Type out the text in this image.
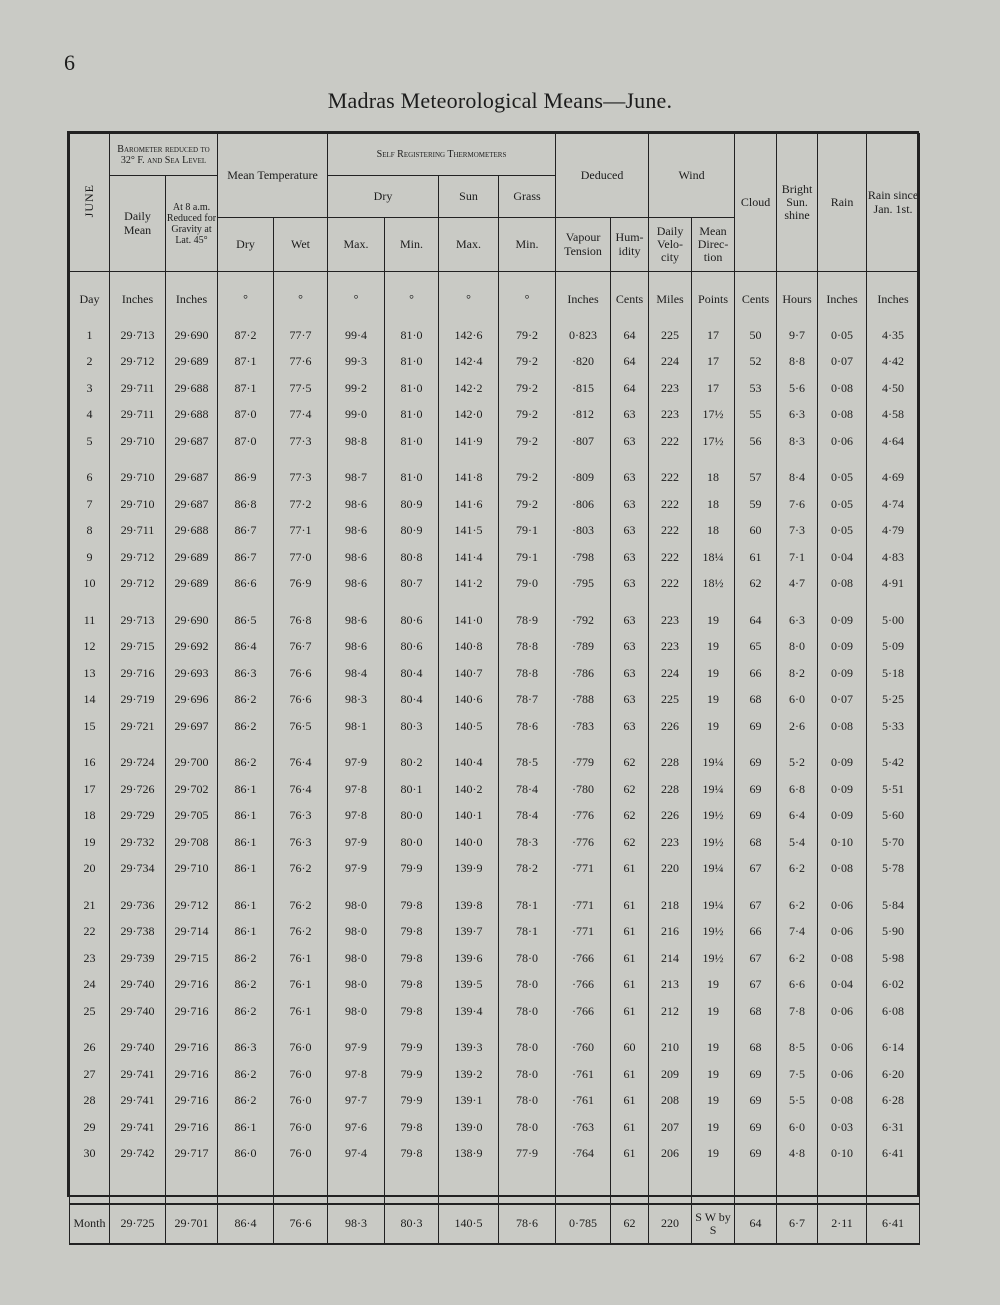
6
Madras Meteorological Means—June.
JUNE	Barometer reduced to 32° F. and Sea Level		Mean Temperature		Self Registering Thermometers				Deduced		Wind		Cloud	Bright Sun. shine	Rain	Rain since Jan. 1st.
	Daily Mean	At 8 a.m. Reduced for Gravity at Lat. 45°			Dry		Sun	Grass								
			Dry	Wet	Max.	Min.	Max.	Min.	Vapour Tension	Hum- idity	Daily Velo- city	Mean Direc- tion				
Day	Inches	Inches	°	°	°	°	°	°	Inches	Cents	Miles	Points	Cents	Hours	Inches	Inches
1	29·713	29·690	87·2	77·7	99·4	81·0	142·6	79·2	0·823	64	225	17	50	9·7	0·05	4·35
2	29·712	29·689	87·1	77·6	99·3	81·0	142·4	79·2	·820	64	224	17	52	8·8	0·07	4·42
3	29·711	29·688	87·1	77·5	99·2	81·0	142·2	79·2	·815	64	223	17	53	5·6	0·08	4·50
4	29·711	29·688	87·0	77·4	99·0	81·0	142·0	79·2	·812	63	223	17½	55	6·3	0·08	4·58
5	29·710	29·687	87·0	77·3	98·8	81·0	141·9	79·2	·807	63	222	17½	56	8·3	0·06	4·64

6	29·710	29·687	86·9	77·3	98·7	81·0	141·8	79·2	·809	63	222	18	57	8·4	0·05	4·69
7	29·710	29·687	86·8	77·2	98·6	80·9	141·6	79·2	·806	63	222	18	59	7·6	0·05	4·74
8	29·711	29·688	86·7	77·1	98·6	80·9	141·5	79·1	·803	63	222	18	60	7·3	0·05	4·79
9	29·712	29·689	86·7	77·0	98·6	80·8	141·4	79·1	·798	63	222	18¼	61	7·1	0·04	4·83
10	29·712	29·689	86·6	76·9	98·6	80·7	141·2	79·0	·795	63	222	18½	62	4·7	0·08	4·91

11	29·713	29·690	86·5	76·8	98·6	80·6	141·0	78·9	·792	63	223	19	64	6·3	0·09	5·00
12	29·715	29·692	86·4	76·7	98·6	80·6	140·8	78·8	·789	63	223	19	65	8·0	0·09	5·09
13	29·716	29·693	86·3	76·6	98·4	80·4	140·7	78·8	·786	63	224	19	66	8·2	0·09	5·18
14	29·719	29·696	86·2	76·6	98·3	80·4	140·6	78·7	·788	63	225	19	68	6·0	0·07	5·25
15	29·721	29·697	86·2	76·5	98·1	80·3	140·5	78·6	·783	63	226	19	69	2·6	0·08	5·33

16	29·724	29·700	86·2	76·4	97·9	80·2	140·4	78·5	·779	62	228	19¼	69	5·2	0·09	5·42
17	29·726	29·702	86·1	76·4	97·8	80·1	140·2	78·4	·780	62	228	19¼	69	6·8	0·09	5·51
18	29·729	29·705	86·1	76·3	97·8	80·0	140·1	78·4	·776	62	226	19½	69	6·4	0·09	5·60
19	29·732	29·708	86·1	76·3	97·9	80·0	140·0	78·3	·776	62	223	19½	68	5·4	0·10	5·70
20	29·734	29·710	86·1	76·2	97·9	79·9	139·9	78·2	·771	61	220	19¼	67	6·2	0·08	5·78

21	29·736	29·712	86·1	76·2	98·0	79·8	139·8	78·1	·771	61	218	19¼	67	6·2	0·06	5·84
22	29·738	29·714	86·1	76·2	98·0	79·8	139·7	78·1	·771	61	216	19½	66	7·4	0·06	5·90
23	29·739	29·715	86·2	76·1	98·0	79·8	139·6	78·0	·766	61	214	19½	67	6·2	0·08	5·98
24	29·740	29·716	86·2	76·1	98·0	79·8	139·5	78·0	·766	61	213	19	67	6·6	0·04	6·02
25	29·740	29·716	86·2	76·1	98·0	79·8	139·4	78·0	·766	61	212	19	68	7·8	0·06	6·08

26	29·740	29·716	86·3	76·0	97·9	79·9	139·3	78·0	·760	60	210	19	68	8·5	0·06	6·14
27	29·741	29·716	86·2	76·0	97·8	79·9	139·2	78·0	·761	61	209	19	69	7·5	0·06	6·20
28	29·741	29·716	86·2	76·0	97·7	79·9	139·1	78·0	·761	61	208	19	69	5·5	0·08	6·28
29	29·741	29·716	86·1	76·0	97·6	79·8	139·0	78·0	·763	61	207	19	69	6·0	0·03	6·31
30	29·742	29·717	86·0	76·0	97·4	79·8	138·9	77·9	·764	61	206	19	69	4·8	0·10	6·41

Month	29·725	29·701	86·4	76·6	98·3	80·3	140·5	78·6	0·785	62	220	S W by S	64	6·7	2·11	6·41
